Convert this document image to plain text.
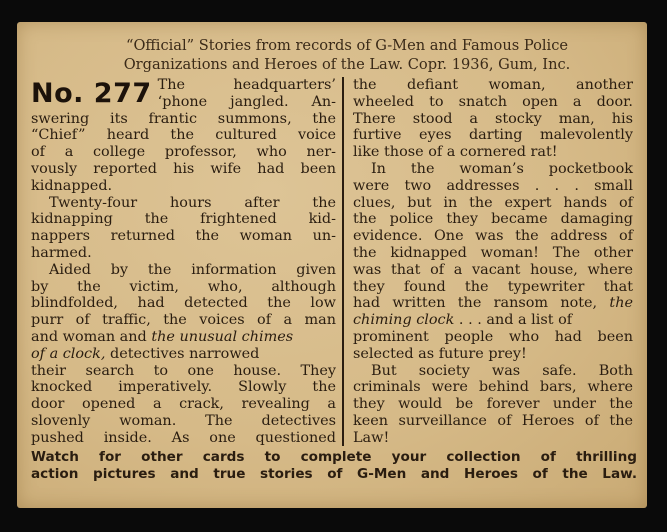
“Official” Stories from records of G-Men and Famous Police
Organizations and Heroes of the Law. Copr. 1936, Gum, Inc.
No. 277 The headquarters’
‘phone jangled. An-
swering its frantic summons, the
“Chief” heard the cultured voice
of a college professor, who ner-
vously reported his wife had been
kidnapped.
Twenty-four hours after the
kidnapping the frightened kid-
nappers returned the woman un-
harmed.
Aided by the information given
by the victim, who, although
blindfolded, had detected the low
purr of traffic, the voices of a man
and woman and the unusual chimes
of a clock, detectives narrowed
their search to one house. They
knocked imperatively. Slowly the
door opened a crack, revealing a
slovenly woman. The detectives
pushed inside. As one questioned
the defiant woman, another
wheeled to snatch open a door.
There stood a stocky man, his
furtive eyes darting malevolently
like those of a cornered rat!
In the woman’s pocketbook
were two addresses . . . small
clues, but in the expert hands of
the police they became damaging
evidence. One was the address of
the kidnapped woman! The other
was that of a vacant house, where
they found the typewriter that
had written the ransom note, the
chiming clock . . . and a list of
prominent people who had been
selected as future prey!
But society was safe. Both
criminals were behind bars, where
they would be forever under the
keen surveillance of Heroes of the
Law!
Watch for other cards to complete your collection of thrilling
action pictures and true stories of G-Men and Heroes of the Law.
